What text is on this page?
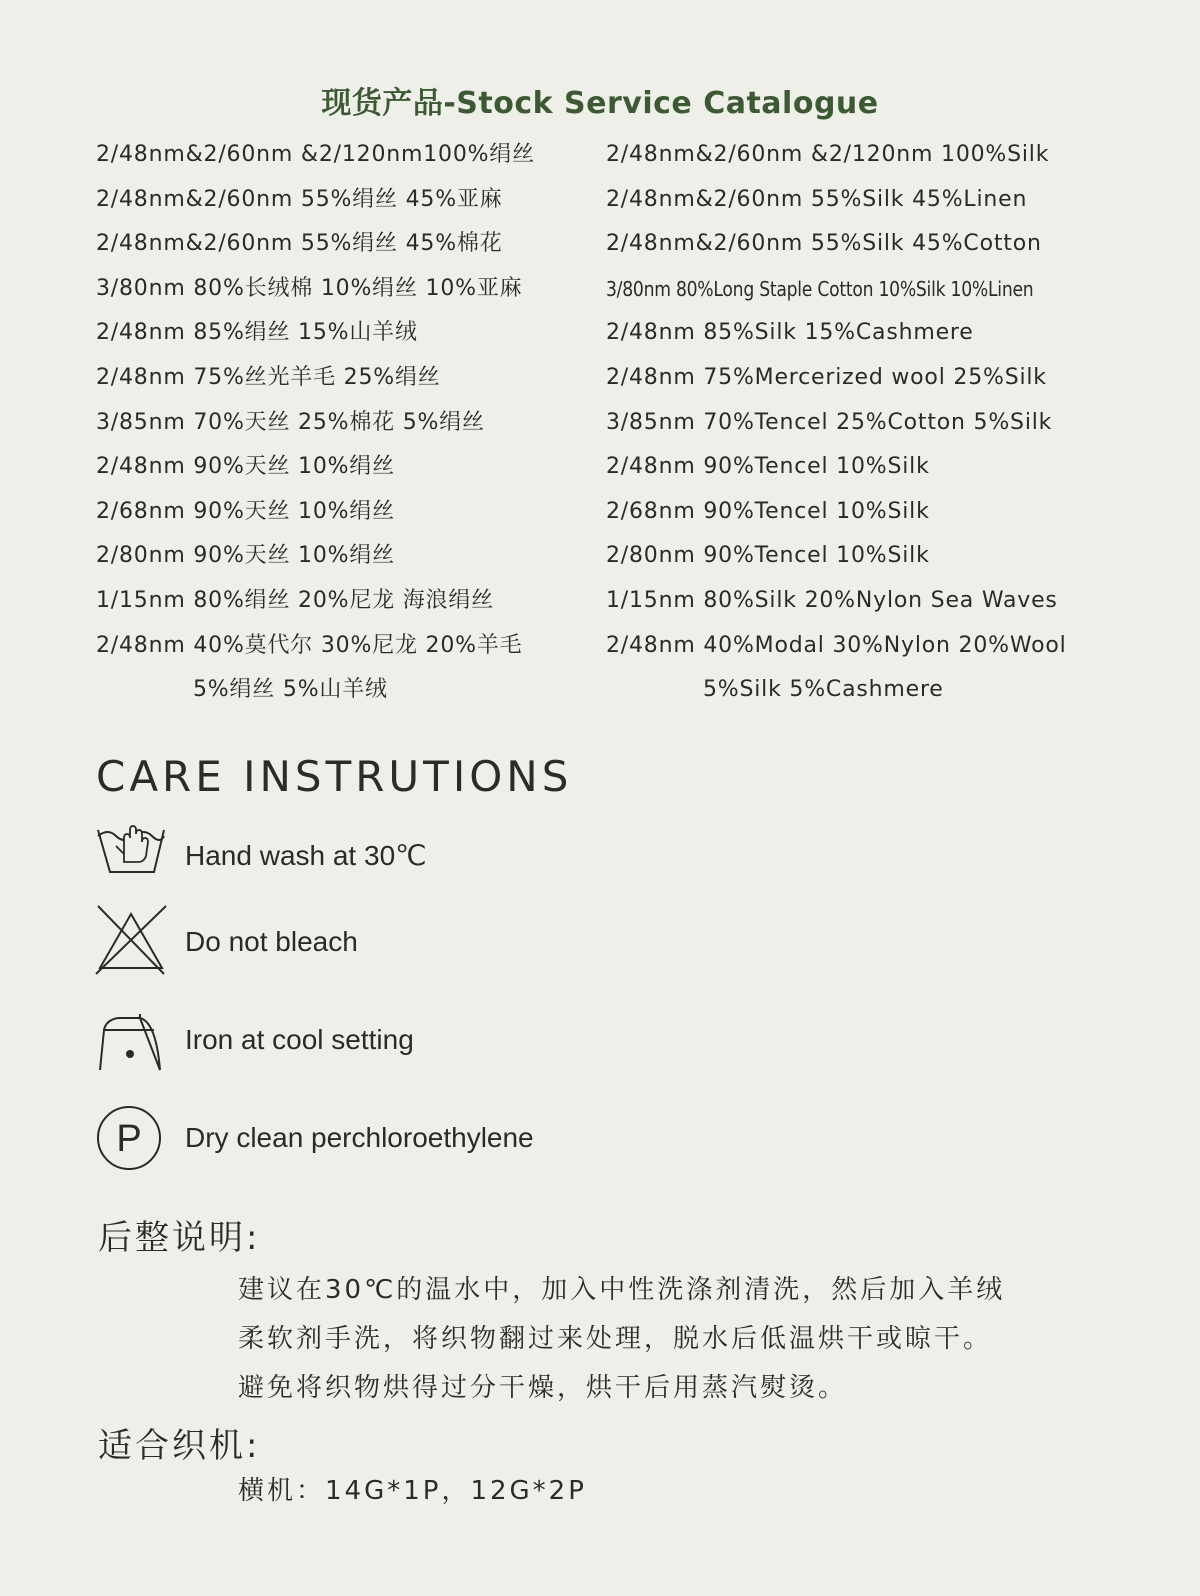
现货产品-Stock Service Catalogue
2/48nm&2/60nm &2/120nm100%绢丝
2/48nm&2/60nm 55%绢丝 45%亚麻
2/48nm&2/60nm 55%绢丝 45%棉花
3/80nm 80%长绒棉 10%绢丝 10%亚麻
2/48nm 85%绢丝 15%山羊绒
2/48nm 75%丝光羊毛 25%绢丝
3/85nm 70%天丝 25%棉花 5%绢丝
2/48nm 90%天丝 10%绢丝
2/68nm 90%天丝 10%绢丝
2/80nm 90%天丝 10%绢丝
1/15nm 80%绢丝 20%尼龙 海浪绢丝
2/48nm 40%莫代尔 30%尼龙 20%羊毛
5%绢丝 5%山羊绒
2/48nm&2/60nm &2/120nm 100%Silk
2/48nm&2/60nm 55%Silk 45%Linen
2/48nm&2/60nm 55%Silk 45%Cotton
3/80nm 80%Long Staple Cotton 10%Silk 10%Linen
2/48nm 85%Silk 15%Cashmere
2/48nm 75%Mercerized wool 25%Silk
3/85nm 70%Tencel 25%Cotton 5%Silk
2/48nm 90%Tencel 10%Silk
2/68nm 90%Tencel 10%Silk
2/80nm 90%Tencel 10%Silk
1/15nm 80%Silk 20%Nylon Sea Waves
2/48nm 40%Modal 30%Nylon 20%Wool
5%Silk 5%Cashmere
CARE INSTRUTIONS
Hand wash at 30℃
Do not bleach
Iron at cool setting
P Dry clean perchloroethylene
后整说明:
建议在30℃的温水中，加入中性洗涤剂清洗，然后加入羊绒
柔软剂手洗，将织物翻过来处理，脱水后低温烘干或晾干。
避免将织物烘得过分干燥，烘干后用蒸汽熨烫。
适合织机:
横机：14G*1P，12G*2P
